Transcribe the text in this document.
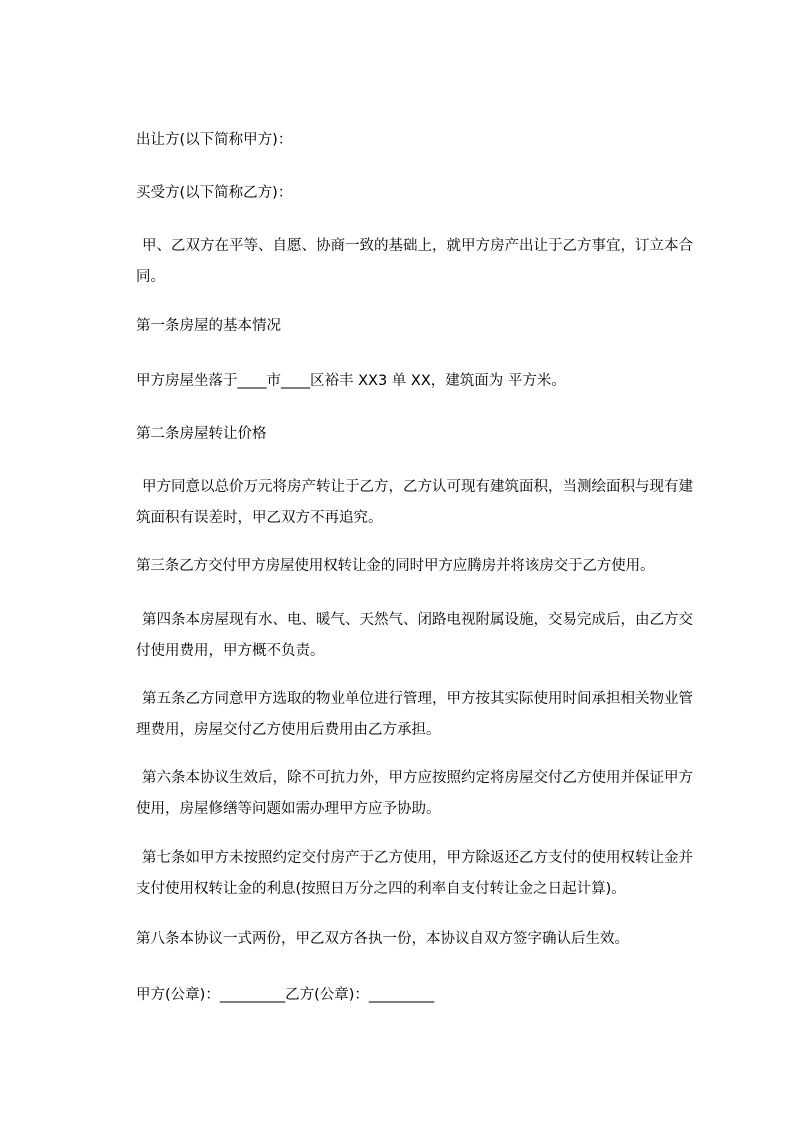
出让方(以下简称甲方)：

买受方(以下简称乙方)：

甲、乙双方在平等、自愿、协商一致的基础上，就甲方房产出让于乙方事宜，订立本合同。

第一条房屋的基本情况

甲方房屋坐落于____市____区裕丰 XX3 单 XX，建筑面为 平方米。

第二条房屋转让价格

甲方同意以总价万元将房产转让于乙方，乙方认可现有建筑面积，当测绘面积与现有建筑面积有误差时，甲乙双方不再追究。

第三条乙方交付甲方房屋使用权转让金的同时甲方应腾房并将该房交于乙方使用。

第四条本房屋现有水、电、暖气、天然气、闭路电视附属设施，交易完成后，由乙方交付使用费用，甲方概不负责。

第五条乙方同意甲方选取的物业单位进行管理，甲方按其实际使用时间承担相关物业管理费用，房屋交付乙方使用后费用由乙方承担。

第六条本协议生效后，除不可抗力外，甲方应按照约定将房屋交付乙方使用并保证甲方使用，房屋修缮等问题如需办理甲方应予协助。

第七条如甲方未按照约定交付房产于乙方使用，甲方除返还乙方支付的使用权转让金并支付使用权转让金的利息(按照日万分之四的利率自支付转让金之日起计算)。

第八条本协议一式两份，甲乙双方各执一份，本协议自双方签字确认后生效。

甲方(公章)：_________乙方(公章)：_________
